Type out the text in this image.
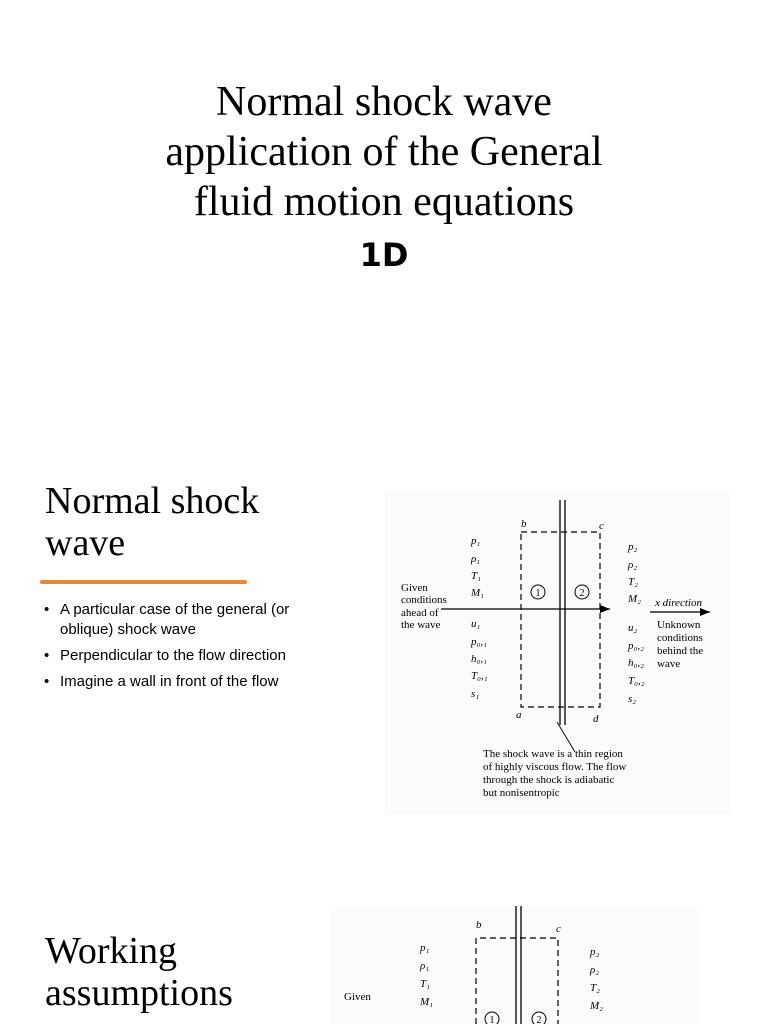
Normal shock wave
application of the General
fluid motion equations
1D
Normal shock
wave
• A particular case of the general (or
oblique) shock wave
• Perpendicular to the flow direction
• Imagine a wall in front of the flow
b	c
a	d
1	2
x direction
p₁
ρ₁
T₁
M₁
u₁
p₀,₁
h₀,₁
T₀,₁
s₁
p₂
ρ₂
T₂
M₂
u₂
p₀,₂
h₀,₂
T₀,₂
s₂
Given
conditions
ahead of
the wave	Unknown
conditions
behind the
wave
The shock wave is a thin region
of highly viscous flow. The flow
through the shock is adiabatic
but nonisentropic
Working
assumptions
b	c
1	2
p₁
ρ₁
T₁
M₁
p₂
ρ₂
T₂
M₂
Given
